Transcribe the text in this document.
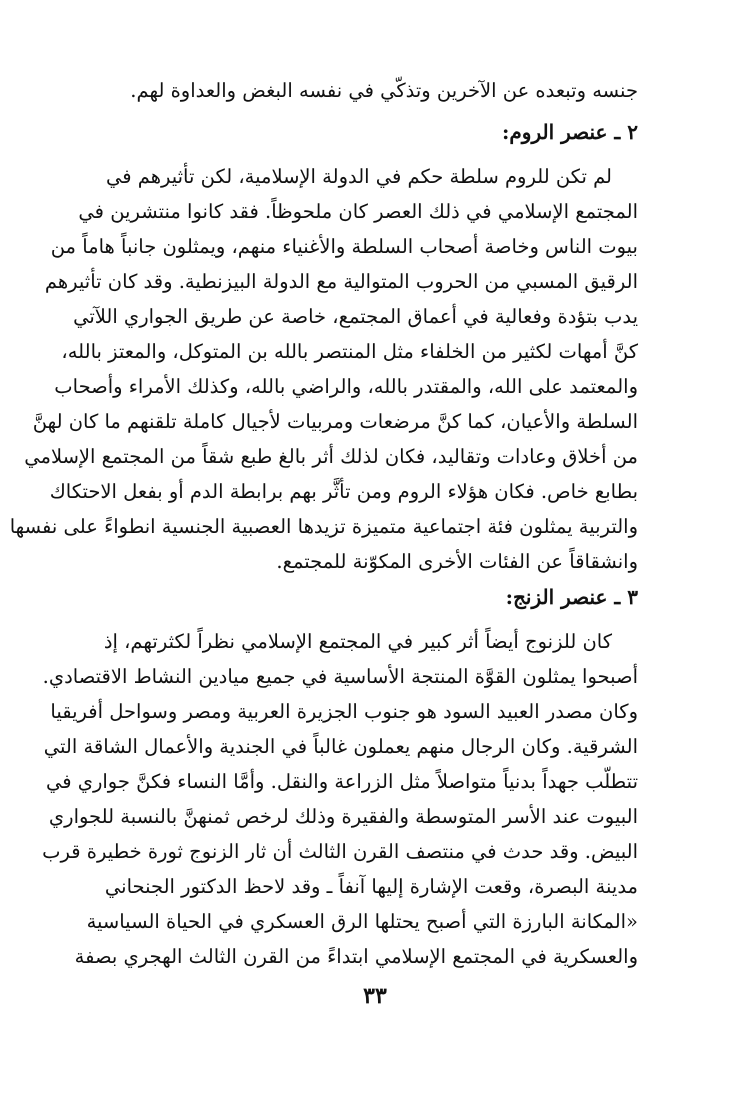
جنسه وتبعده عن الآخرين وتذكّي في نفسه البغض والعداوة لهم.
٢ ـ عنصر الروم:
لم تكن للروم سلطة حكم في الدولة الإسلامية، لكن تأثيرهم في
المجتمع الإسلامي في ذلك العصر كان ملحوظاً. فقد كانوا منتشرين في
بيوت الناس وخاصة أصحاب السلطة والأغنياء منهم، ويمثلون جانباً هاماً من
الرقيق المسبي من الحروب المتوالية مع الدولة البيزنطية. وقد كان تأثيرهم
يدب بتؤدة وفعالية في أعماق المجتمع، خاصة عن طريق الجواري اللآتي
كنَّ أمهات لكثير من الخلفاء مثل المنتصر بالله بن المتوكل، والمعتز بالله،
والمعتمد على الله، والمقتدر بالله، والراضي بالله، وكذلك الأمراء وأصحاب
السلطة والأعيان، كما كنَّ مرضعات ومربيات لأجيال كاملة تلقنهم ما كان لهنَّ
من أخلاق وعادات وتقاليد، فكان لذلك أثر بالغ طبع شقاً من المجتمع الإسلامي
بطابع خاص. فكان هؤلاء الروم ومن تأثَّر بهم برابطة الدم أو بفعل الاحتكاك
والتربية يمثلون فئة اجتماعية متميزة تزيدها العصبية الجنسية انطواءً على نفسها
وانشقاقاً عن الفئات الأخرى المكوّنة للمجتمع.
٣ ـ عنصر الزنج:
كان للزنوج أيضاً أثر كبير في المجتمع الإسلامي نظراً لكثرتهم، إذ
أصبحوا يمثلون القوَّة المنتجة الأساسية في جميع ميادين النشاط الاقتصادي.
وكان مصدر العبيد السود هو جنوب الجزيرة العربية ومصر وسواحل أفريقيا
الشرقية. وكان الرجال منهم يعملون غالباً في الجندية والأعمال الشاقة التي
تتطلّب جهداً بدنياً متواصلاً مثل الزراعة والنقل. وأمَّا النساء فكنَّ جواري في
البيوت عند الأسر المتوسطة والفقيرة وذلك لرخص ثمنهنَّ بالنسبة للجواري
البيض. وقد حدث في منتصف القرن الثالث أن ثار الزنوج ثورة خطيرة قرب
مدينة البصرة، وقعت الإشارة إليها آنفاً ـ وقد لاحظ الدكتور الجنحاني
«المكانة البارزة التي أصبح يحتلها الرق العسكري في الحياة السياسية
والعسكرية في المجتمع الإسلامي ابتداءً من القرن الثالث الهجري بصفة
٣٣
